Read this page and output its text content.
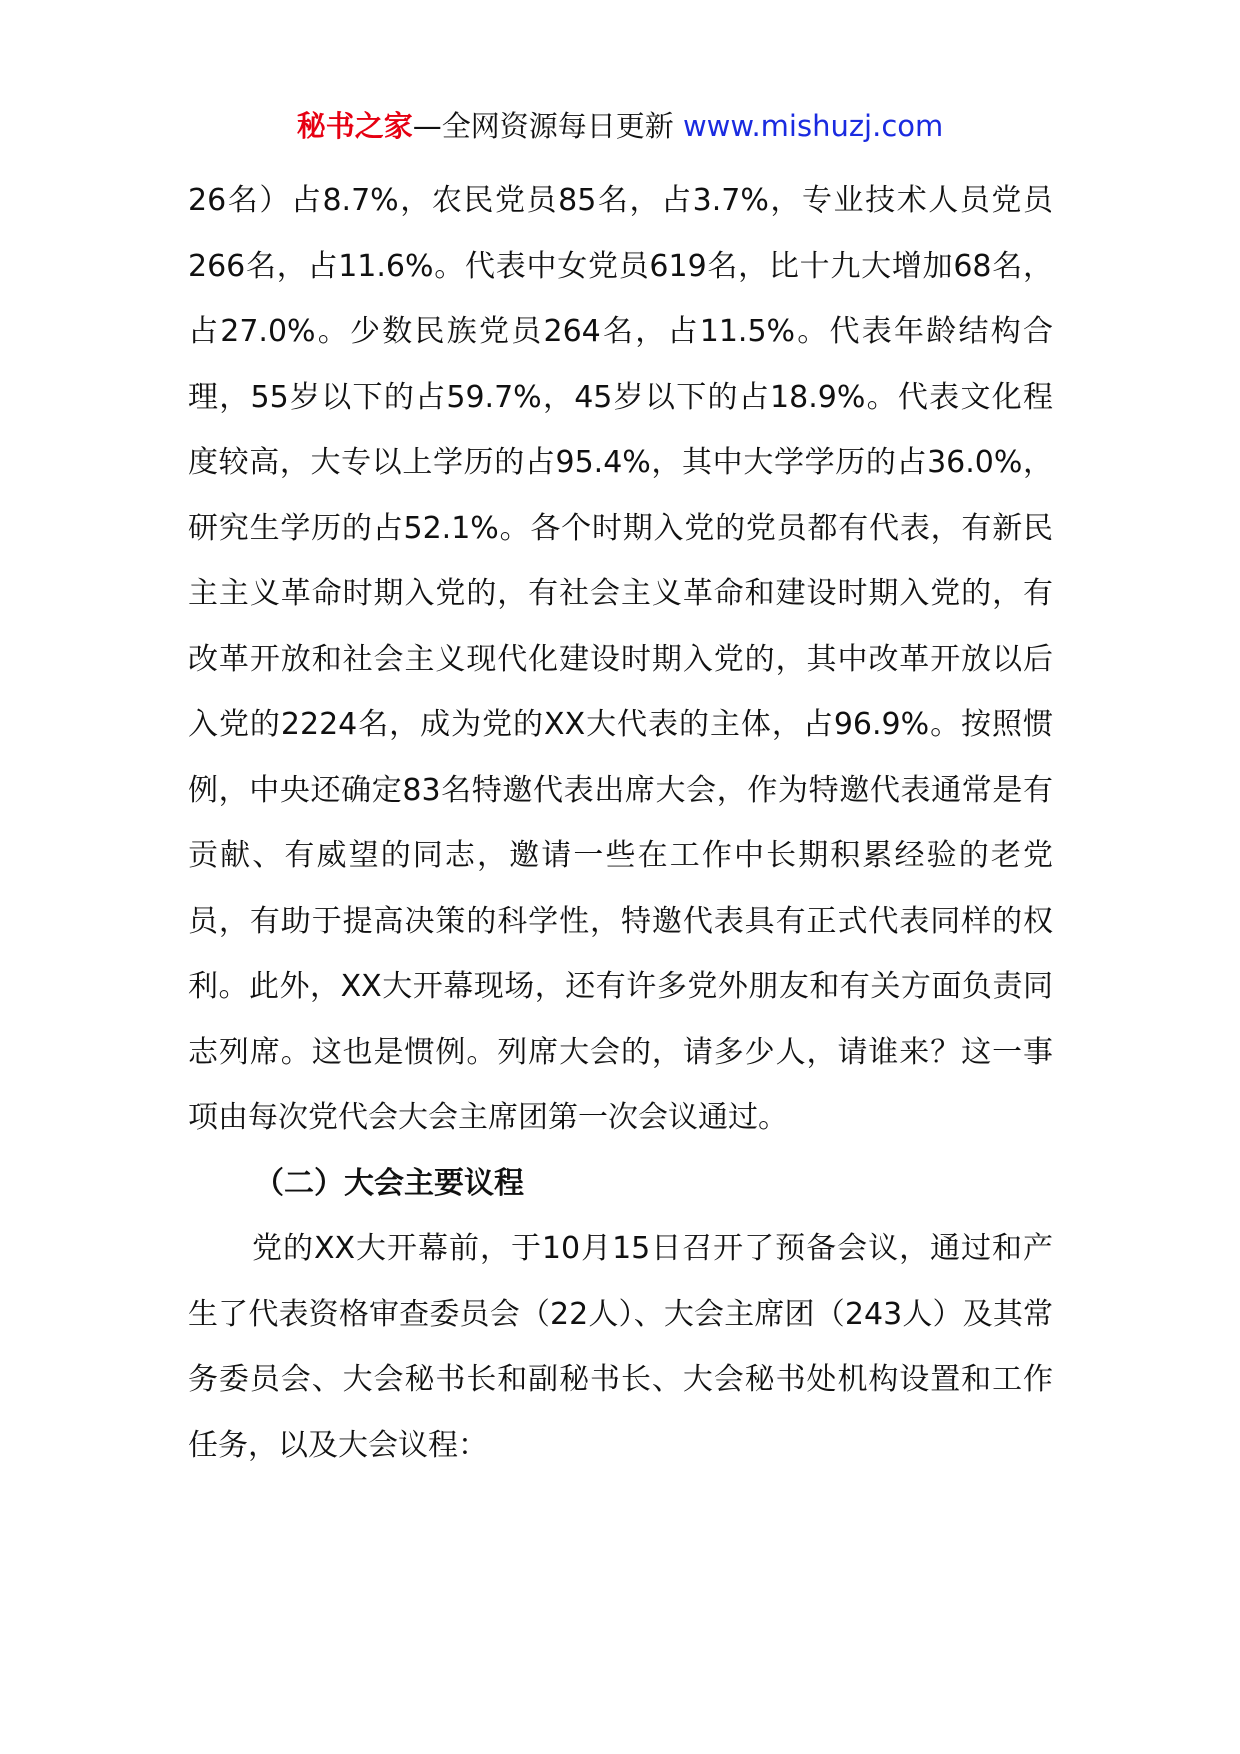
秘书之家—全网资源每日更新 www.mishuzj.com

26名）占8.7%，农民党员85名，占3.7%，专业技术人员党员266名，占11.6%。代表中女党员619名，比十九大增加68名，占27.0%。少数民族党员264名，占11.5%。代表年龄结构合理，55岁以下的占59.7%，45岁以下的占18.9%。代表文化程度较高，大专以上学历的占95.4%，其中大学学历的占36.0%，研究生学历的占52.1%。各个时期入党的党员都有代表，有新民主主义革命时期入党的，有社会主义革命和建设时期入党的，有改革开放和社会主义现代化建设时期入党的，其中改革开放以后入党的2224名，成为党的XX大代表的主体，占96.9%。按照惯例，中央还确定83名特邀代表出席大会，作为特邀代表通常是有贡献、有威望的同志，邀请一些在工作中长期积累经验的老党员，有助于提高决策的科学性，特邀代表具有正式代表同样的权利。此外，XX大开幕现场，还有许多党外朋友和有关方面负责同志列席。这也是惯例。列席大会的，请多少人，请谁来？这一事项由每次党代会大会主席团第一次会议通过。

（二）大会主要议程

党的XX大开幕前，于10月15日召开了预备会议，通过和产生了代表资格审查委员会（22人）、大会主席团（243人）及其常务委员会、大会秘书长和副秘书长、大会秘书处机构设置和工作任务，以及大会议程：
